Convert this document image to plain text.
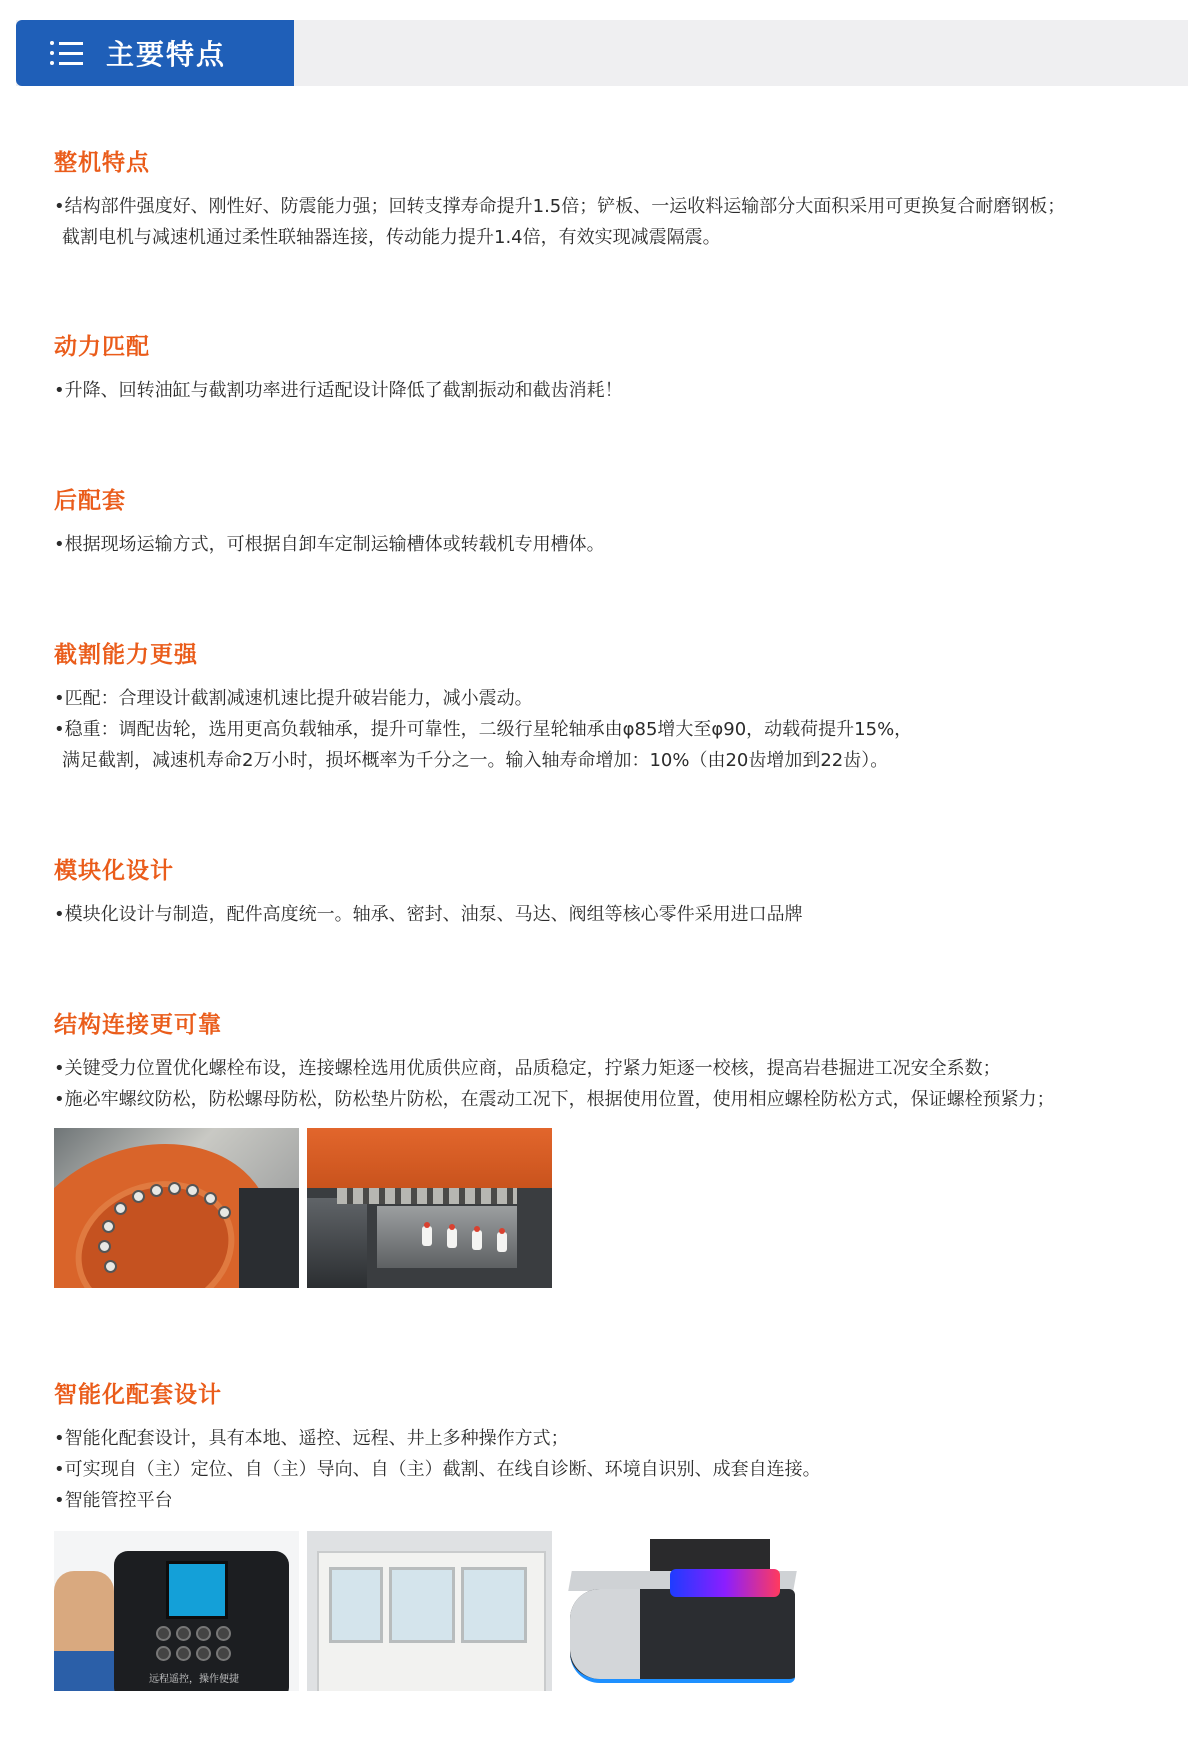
主要特点
整机特点
•结构部件强度好、刚性好、防震能力强；回转支撑寿命提升1.5倍；铲板、一运收料运输部分大面积采用可更换复合耐磨钢板；
截割电机与减速机通过柔性联轴器连接，传动能力提升1.4倍，有效实现减震隔震。
动力匹配
•升降、回转油缸与截割功率进行适配设计降低了截割振动和截齿消耗！
后配套
•根据现场运输方式，可根据自卸车定制运输槽体或转载机专用槽体。
截割能力更强
•匹配：合理设计截割减速机速比提升破岩能力，减小震动。
•稳重：调配齿轮，选用更高负载轴承，提升可靠性，二级行星轮轴承由φ85增大至φ90，动载荷提升15%，
满足截割，减速机寿命2万小时，损坏概率为千分之一。输入轴寿命增加：10%（由20齿增加到22齿）。
模块化设计
•模块化设计与制造，配件高度统一。轴承、密封、油泵、马达、阀组等核心零件采用进口品牌
结构连接更可靠
•关键受力位置优化螺栓布设，连接螺栓选用优质供应商，品质稳定，拧紧力矩逐一校核，提高岩巷掘进工况安全系数；
•施必牢螺纹防松，防松螺母防松，防松垫片防松，在震动工况下，根据使用位置，使用相应螺栓防松方式，保证螺栓预紧力；
智能化配套设计
•智能化配套设计，具有本地、遥控、远程、井上多种操作方式；
•可实现自（主）定位、自（主）导向、自（主）截割、在线自诊断、环境自识别、成套自连接。
•智能管控平台
远程遥控，操作便捷
